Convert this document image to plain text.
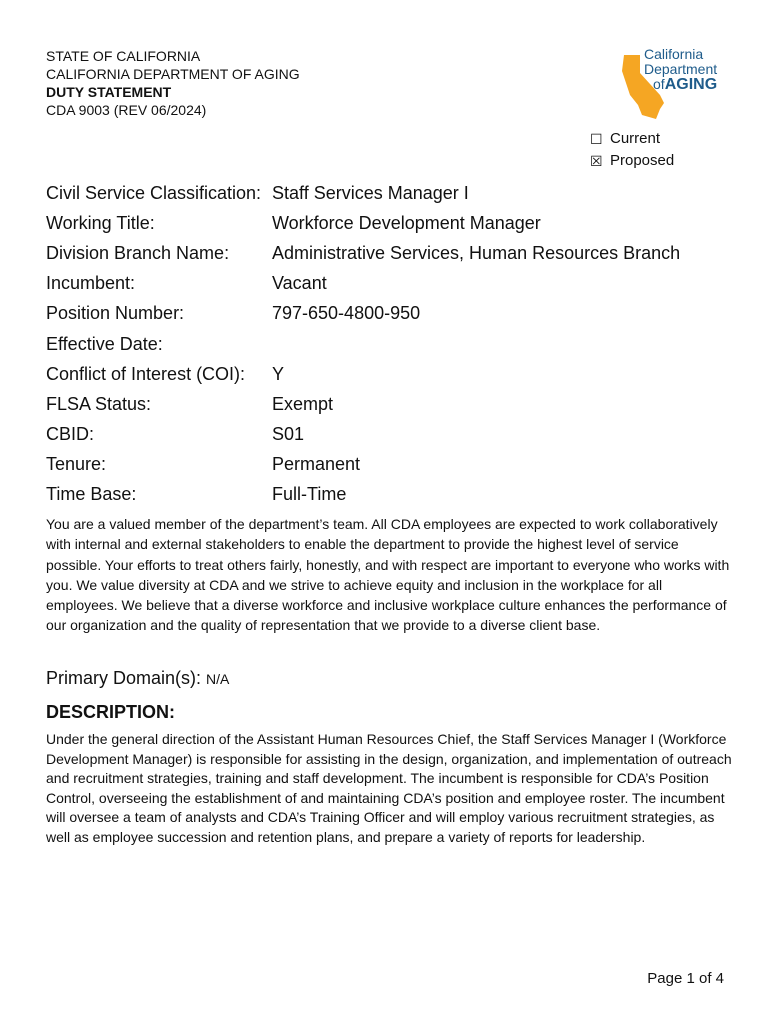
STATE OF CALIFORNIA
CALIFORNIA DEPARTMENT OF AGING
DUTY STATEMENT
CDA 9003 (REV 06/2024)
California
Department
ofAGING
☐ Current
☒ Proposed
Civil Service Classification: Staff Services Manager I
Working Title:	Workforce Development Manager
Division Branch Name:	Administrative Services, Human Resources Branch
Incumbent:	Vacant
Position Number:	797-650-4800-950
Effective Date:
Conflict of Interest (COI):	Y
FLSA Status:	Exempt
CBID:	S01
Tenure:	Permanent
Time Base:	Full-Time
You are a valued member of the department’s team. All CDA employees are expected to work collaboratively with internal and external stakeholders to enable the department to provide the highest level of service possible. Your efforts to treat others fairly, honestly, and with respect are important to everyone who works with you. We value diversity at CDA and we strive to achieve equity and inclusion in the workplace for all employees. We believe that a diverse workforce and inclusive workplace culture enhances the performance of our organization and the quality of representation that we provide to a diverse client base.
Primary Domain(s): N/A
DESCRIPTION:
Under the general direction of the Assistant Human Resources Chief, the Staff Services Manager I (Workforce Development Manager) is responsible for assisting in the design, organization, and implementation of outreach and recruitment strategies, training and staff development. The incumbent is responsible for CDA’s Position Control, overseeing the establishment of and maintaining CDA’s position and employee roster. The incumbent will oversee a team of analysts and CDA’s Training Officer and will employ various recruitment strategies, as well as employee succession and retention plans, and prepare a variety of reports for leadership.
Page 1 of 4
